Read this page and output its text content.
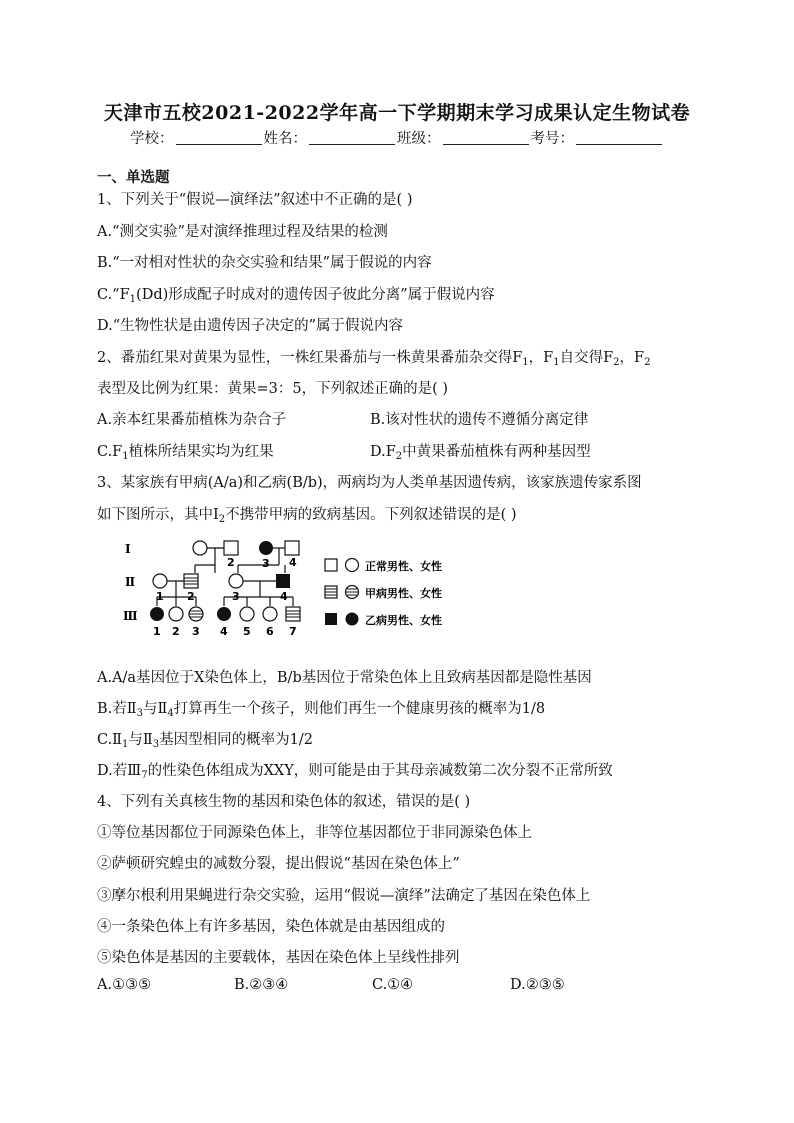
天津市五校2021-2022学年高一下学期期末学习成果认定生物试卷
学校：	姓名：	班级：	考号：
一、单选题
1、下列关于“假说—演绎法”叙述中不正确的是( )
A.“测交实验”是对演绎推理过程及结果的检测
B.“一对相对性状的杂交实验和结果”属于假说的内容
$C.“F_1(Dd)$形成配子时成对的遗传因子彼此分离”属于假说内容
D.“生物性状是由遗传因子决定的”属于假说内容
2、番茄红果对黄果为显性，一株红果番茄与一株黄果番茄杂交得$F_1$，$F_1$自交得$F_2$，$F_2$
表型及比例为红果：黄果=3：5，下列叙述正确的是( )
A.亲本红果番茄植株为杂合子	B.该对性状的遗传不遵循分离定律
$C.F_1$植株所结果实均为红果	$D.F_2$中黄果番茄植株有两种基因型
3、某家族有甲病(A/a)和乙病(B/b)，两病均为人类单基因遗传病，该家族遗传家系图
如下图所示，其中$Ⅰ_2$不携带甲病的致病基因。下列叙述错误的是( )
Ⅰ
Ⅱ
Ⅲ
2 3 4
1 2	3	4
1 2 3 4 5 6 7
正常男性、女性
甲病男性、女性
乙病男性、女性
A.A/a基因位于X染色体上，B/b基因位于常染色体上且致病基因都是隐性基因
B.若$Ⅱ_3$与$Ⅱ_4$打算再生一个孩子，则他们再生一个健康男孩的概率为1/8
$C.Ⅱ_1$与$Ⅱ_3$基因型相同的概率为1/2
D.若$Ⅲ_7$的性染色体组成为XXY，则可能是由于其母亲减数第二次分裂不正常所致
4、下列有关真核生物的基因和染色体的叙述，错误的是( )
①等位基因都位于同源染色体上，非等位基因都位于非同源染色体上
②萨顿研究蝗虫的减数分裂，提出假说“基因在染色体上”
③摩尔根利用果蝇进行杂交实验，运用“假说—演绎”法确定了基因在染色体上
④一条染色体上有许多基因，染色体就是由基因组成的
⑤染色体是基因的主要载体，基因在染色体上呈线性排列
A.①③⑤	B.②③④	C.①④	D.②③⑤
